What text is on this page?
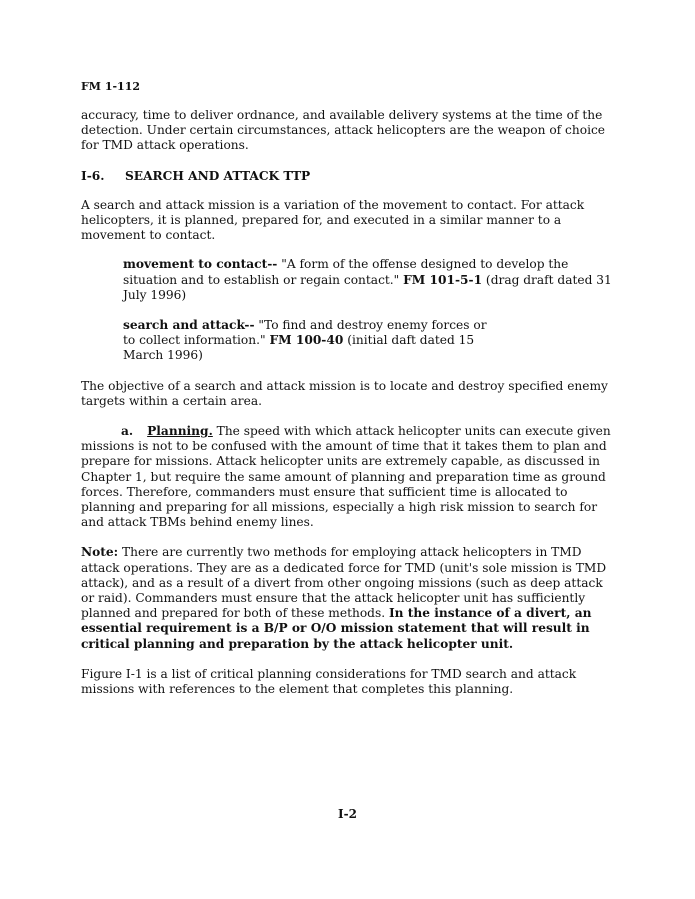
FM 1-112

accuracy, time to deliver ordnance, and available delivery systems at the time of the detection. Under certain circumstances, attack helicopters are the weapon of choice for TMD attack operations.

I-6.	SEARCH AND ATTACK TTP

A search and attack mission is a variation of the movement to contact. For attack helicopters, it is planned, prepared for, and executed in a similar manner to a movement to contact.

movement to contact-- "A form of the offense designed to develop the situation and to establish or regain contact." FM 101-5-1 (drag draft dated 31 July 1996)

search and attack-- "To find and destroy enemy forces or to collect information." FM 100-40 (initial daft dated 15 March 1996)

The objective of a search and attack mission is to locate and destroy specified enemy targets within a certain area.

a. Planning. The speed with which attack helicopter units can execute given missions is not to be confused with the amount of time that it takes them to plan and prepare for missions. Attack helicopter units are extremely capable, as discussed in Chapter 1, but require the same amount of planning and preparation time as ground forces. Therefore, commanders must ensure that sufficient time is allocated to planning and preparing for all missions, especially a high risk mission to search for and attack TBMs behind enemy lines.

Note: There are currently two methods for employing attack helicopters in TMD attack operations. They are as a dedicated force for TMD (unit's sole mission is TMD attack), and as a result of a divert from other ongoing missions (such as deep attack or raid). Commanders must ensure that the attack helicopter unit has sufficiently planned and prepared for both of these methods. In the instance of a divert, an essential requirement is a B/P or O/O mission statement that will result in critical planning and preparation by the attack helicopter unit.

Figure I-1 is a list of critical planning considerations for TMD search and attack missions with references to the element that completes this planning.

I-2
